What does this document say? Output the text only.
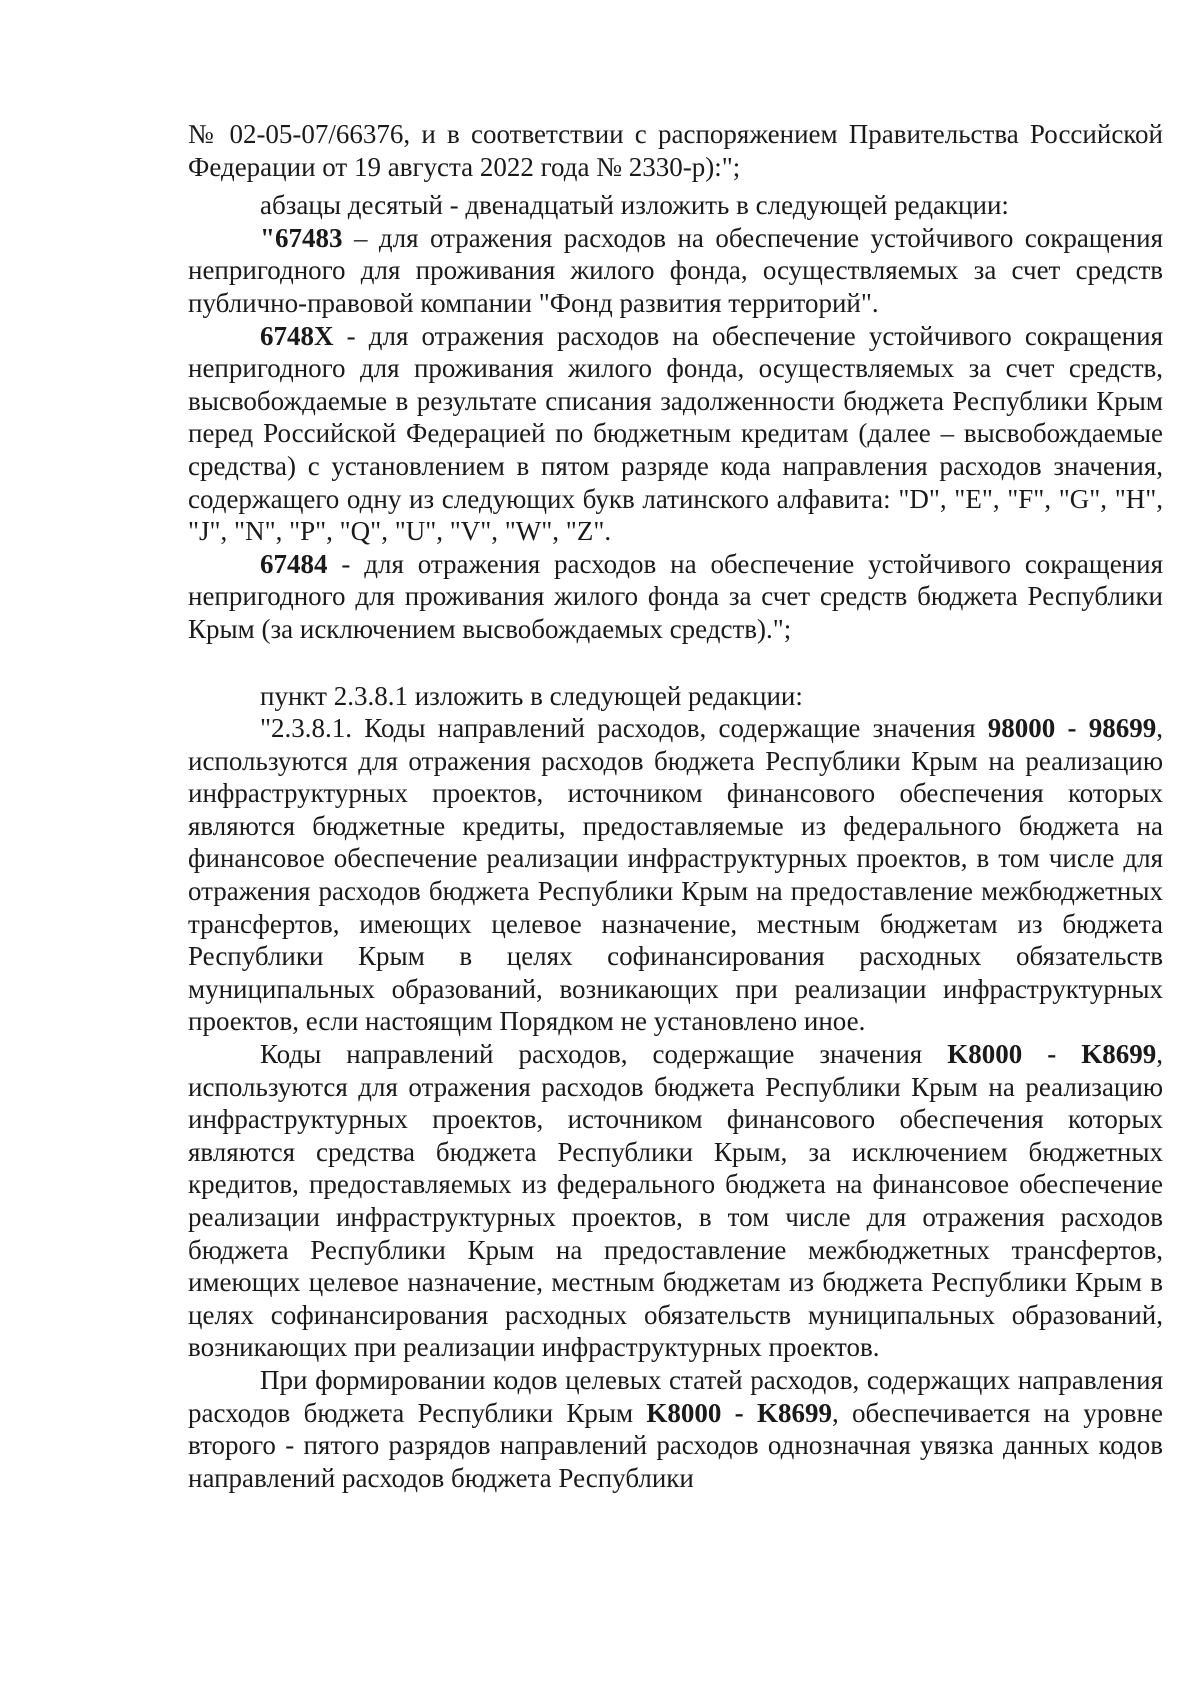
№ 02-05-07/66376, и в соответствии с распоряжением Правительства Российской Федерации от 19 августа 2022 года № 2330-р):";

абзацы десятый - двенадцатый изложить в следующей редакции:

"67483 – для отражения расходов на обеспечение устойчивого сокращения непригодного для проживания жилого фонда, осуществляемых за счет средств публично-правовой компании "Фонд развития территорий".

6748X - для отражения расходов на обеспечение устойчивого сокращения непригодного для проживания жилого фонда, осуществляемых за счет средств, высвобождаемые в результате списания задолженности бюджета Республики Крым перед Российской Федерацией по бюджетным кредитам (далее – высвобождаемые средства) с установлением в пятом разряде кода направления расходов значения, содержащего одну из следующих букв латинского алфавита: "D", "E", "F", "G", "H", "J", "N", "P", "Q", "U", "V", "W", "Z".

67484 - для отражения расходов на обеспечение устойчивого сокращения непригодного для проживания жилого фонда за счет средств бюджета Республики Крым (за исключением высвобождаемых средств).";

пункт 2.3.8.1 изложить в следующей редакции:

"2.3.8.1. Коды направлений расходов, содержащие значения 98000 - 98699, используются для отражения расходов бюджета Республики Крым на реализацию инфраструктурных проектов, источником финансового обеспечения которых являются бюджетные кредиты, предоставляемые из федерального бюджета на финансовое обеспечение реализации инфраструктурных проектов, в том числе для отражения расходов бюджета Республики Крым на предоставление межбюджетных трансфертов, имеющих целевое назначение, местным бюджетам из бюджета Республики Крым в целях софинансирования расходных обязательств муниципальных образований, возникающих при реализации инфраструктурных проектов, если настоящим Порядком не установлено иное.

Коды направлений расходов, содержащие значения K8000 - K8699, используются для отражения расходов бюджета Республики Крым на реализацию инфраструктурных проектов, источником финансового обеспечения которых являются средства бюджета Республики Крым, за исключением бюджетных кредитов, предоставляемых из федерального бюджета на финансовое обеспечение реализации инфраструктурных проектов, в том числе для отражения расходов бюджета Республики Крым на предоставление межбюджетных трансфертов, имеющих целевое назначение, местным бюджетам из бюджета Республики Крым в целях софинансирования расходных обязательств муниципальных образований, возникающих при реализации инфраструктурных проектов.

При формировании кодов целевых статей расходов, содержащих направления расходов бюджета Республики Крым K8000 - K8699, обеспечивается на уровне второго - пятого разрядов направлений расходов однозначная увязка данных кодов направлений расходов бюджета Республики
